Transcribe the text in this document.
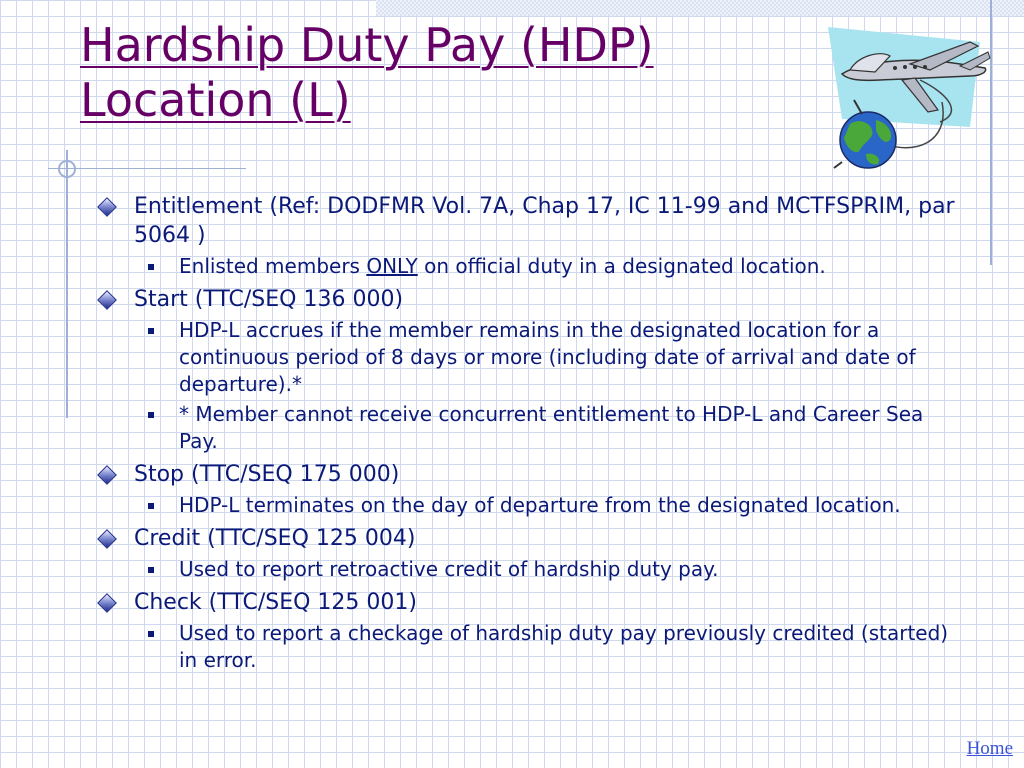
Hardship Duty Pay (HDP)
Location (L)
Entitlement (Ref: DODFMR Vol. 7A, Chap 17, IC 11-99 and MCTFSPRIM, par 5064 )
Enlisted members ONLY on official duty in a designated location.
Start (TTC/SEQ 136 000)
HDP-L accrues if the member remains in the designated location for a continuous period of 8 days or more (including date of arrival and date of departure).*
* Member cannot receive concurrent entitlement to HDP-L and Career Sea Pay.
Stop (TTC/SEQ 175 000)
HDP-L terminates on the day of departure from the designated location.
Credit (TTC/SEQ 125 004)
Used to report retroactive credit of hardship duty pay.
Check (TTC/SEQ 125 001)
Used to report a checkage of hardship duty pay previously credited (started) in error.
Home
